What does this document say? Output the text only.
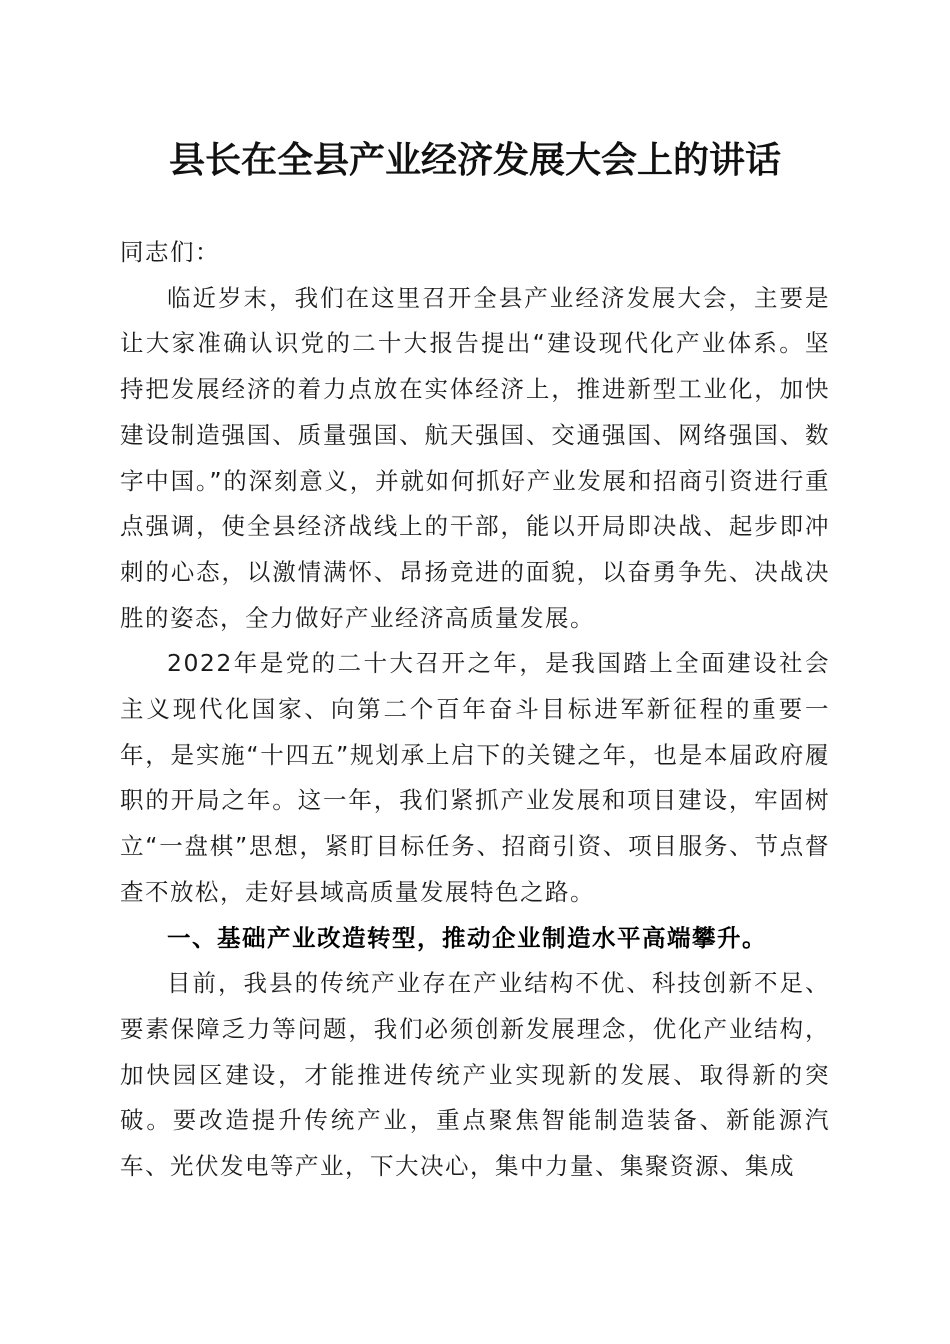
县长在全县产业经济发展大会上的讲话

同志们：

临近岁末，我们在这里召开全县产业经济发展大会，主要是让大家准确认识党的二十大报告提出“建设现代化产业体系。坚持把发展经济的着力点放在实体经济上，推进新型工业化，加快建设制造强国、质量强国、航天强国、交通强国、网络强国、数字中国。”的深刻意义，并就如何抓好产业发展和招商引资进行重点强调，使全县经济战线上的干部，能以开局即决战、起步即冲刺的心态，以激情满怀、昂扬竞进的面貌，以奋勇争先、决战决胜的姿态，全力做好产业经济高质量发展。

2022年是党的二十大召开之年，是我国踏上全面建设社会主义现代化国家、向第二个百年奋斗目标进军新征程的重要一年，是实施“十四五”规划承上启下的关键之年，也是本届政府履职的开局之年。这一年，我们紧抓产业发展和项目建设，牢固树立“一盘棋”思想，紧盯目标任务、招商引资、项目服务、节点督查不放松，走好县域高质量发展特色之路。

一、基础产业改造转型，推动企业制造水平高端攀升。

目前，我县的传统产业存在产业结构不优、科技创新不足、要素保障乏力等问题，我们必须创新发展理念，优化产业结构，加快园区建设，才能推进传统产业实现新的发展、取得新的突破。要改造提升传统产业，重点聚焦智能制造装备、新能源汽车、光伏发电等产业，下大决心，集中力量、集聚资源、集成
